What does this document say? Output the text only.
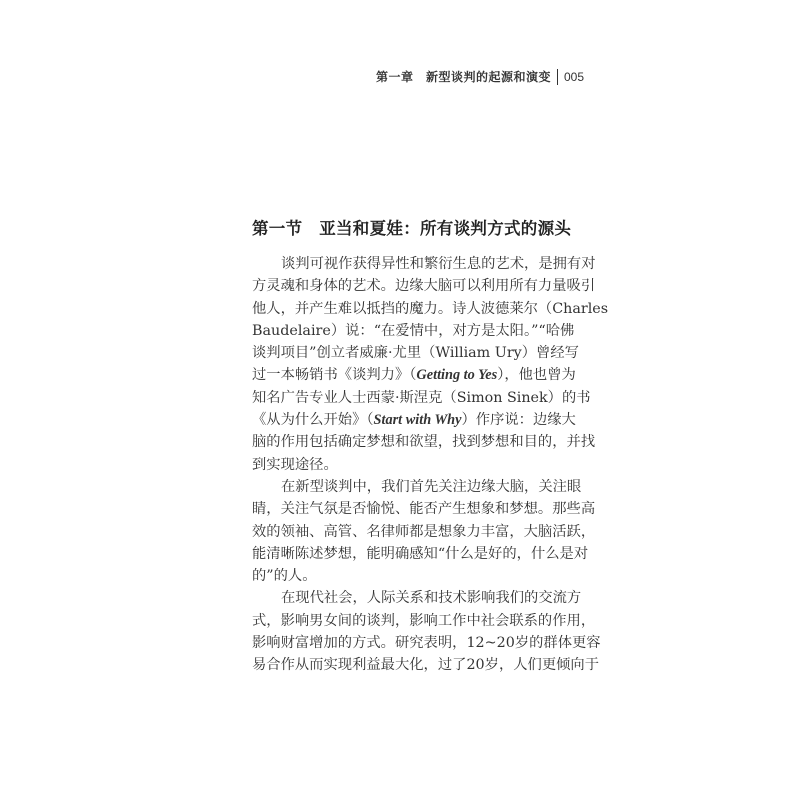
第一章　新型谈判的起源和演变 005
第一节　亚当和夏娃：所有谈判方式的源头
谈判可视作获得异性和繁衍生息的艺术，是拥有对
方灵魂和身体的艺术。边缘大脑可以利用所有力量吸引
他人，并产生难以抵挡的魔力。诗人波德莱尔（Charles
Baudelaire）说：“在爱情中，对方是太阳。”“哈佛
谈判项目”创立者威廉·尤里（William Ury）曾经写
过一本畅销书《谈判力》（Getting to Yes），他也曾为
知名广告专业人士西蒙·斯涅克（Simon Sinek）的书
《从为什么开始》（Start with Why）作序说：边缘大
脑的作用包括确定梦想和欲望，找到梦想和目的，并找
到实现途径。
在新型谈判中，我们首先关注边缘大脑，关注眼
睛，关注气氛是否愉悦、能否产生想象和梦想。那些高
效的领袖、高管、名律师都是想象力丰富，大脑活跃，
能清晰陈述梦想，能明确感知“什么是好的，什么是对
的”的人。
在现代社会，人际关系和技术影响我们的交流方
式，影响男女间的谈判，影响工作中社会联系的作用，
影响财富增加的方式。研究表明，12~20岁的群体更容
易合作从而实现利益最大化，过了20岁，人们更倾向于
